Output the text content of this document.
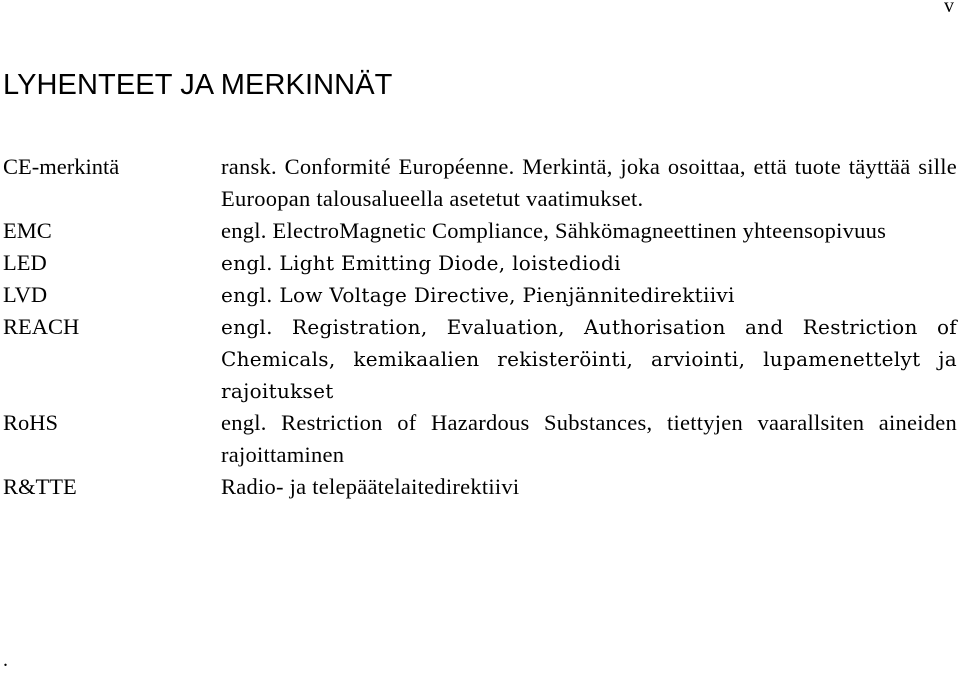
v
LYHENTEET JA MERKINNÄT
CE-merkintä	ransk. Conformité Européenne. Merkintä, joka osoittaa, että tuote täyttää sille Euroopan talousalueella asetetut vaatimukset.
EMC	engl. ElectroMagnetic Compliance, Sähkömagneettinen yhteensopivuus
LED	engl. Light Emitting Diode, loistediodi
LVD	engl. Low Voltage Directive, Pienjännitedirektiivi
REACH	engl. Registration, Evaluation, Authorisation and Restriction of Chemicals, kemikaalien rekisteröinti, arviointi, lupamenettelyt ja rajoitukset
RoHS	engl. Restriction of Hazardous Substances, tiettyjen vaarallsiten aineiden rajoittaminen
R&TTE	Radio- ja telepäätelaitedirektiivi
.
